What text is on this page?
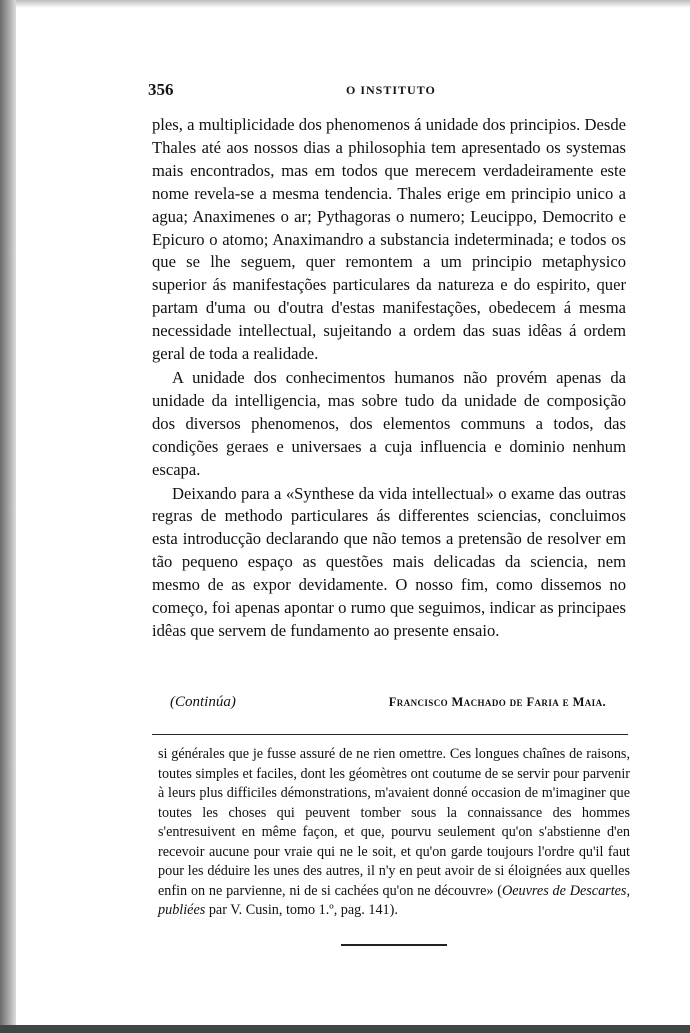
356	O INSTITUTO

ples, a multiplicidade dos phenomenos á unidade dos principios. Desde Thales até aos nossos dias a philosophia tem apresentado os systemas mais encontrados, mas em todos que merecem verdadeiramente este nome revela-se a mesma tendencia. Thales erige em principio unico a agua; Anaximenes o ar; Pythagoras o numero; Leucippo, Democrito e Epicuro o atomo; Anaximandro a substancia indeterminada; e todos os que se lhe seguem, quer remontem a um principio metaphysico superior ás manifestações particulares da natureza e do espirito, quer partam d'uma ou d'outra d'estas manifestações, obedecem á mesma necessidade intellectual, sujeitando a ordem das suas idêas á ordem geral de toda a realidade.

A unidade dos conhecimentos humanos não provém apenas da unidade da intelligencia, mas sobre tudo da unidade de composição dos diversos phenomenos, dos elementos communs a todos, das condições geraes e universaes a cuja influencia e dominio nenhum escapa.

Deixando para a «Synthese da vida intellectual» o exame das outras regras de methodo particulares ás differentes sciencias, concluimos esta introducção declarando que não temos a pretensão de resolver em tão pequeno espaço as questões mais delicadas da sciencia, nem mesmo de as expor devidamente. O nosso fim, como dissemos no começo, foi apenas apontar o rumo que seguimos, indicar as principaes idêas que servem de fundamento ao presente ensaio.

(Continúa)	Francisco Machado de Faria e Maia.

si générales que je fusse assuré de ne rien omettre. Ces longues chaînes de raisons, toutes simples et faciles, dont les géomètres ont coutume de se servir pour parvenir à leurs plus difficiles démonstrations, m'avaient donné occasion de m'imaginer que toutes les choses qui peuvent tomber sous la connaissance des hommes s'entresuivent en même façon, et que, pourvu seulement qu'on s'abstienne d'en recevoir aucune pour vraie qui ne le soit, et qu'on garde toujours l'ordre qu'il faut pour les déduire les unes des autres, il n'y en peut avoir de si éloignées aux quelles enfin on ne parvienne, ni de si cachées qu'on ne découvre» (Oeuvres de Descartes, publiées par V. Cusin, tomo 1.º, pag. 141).
